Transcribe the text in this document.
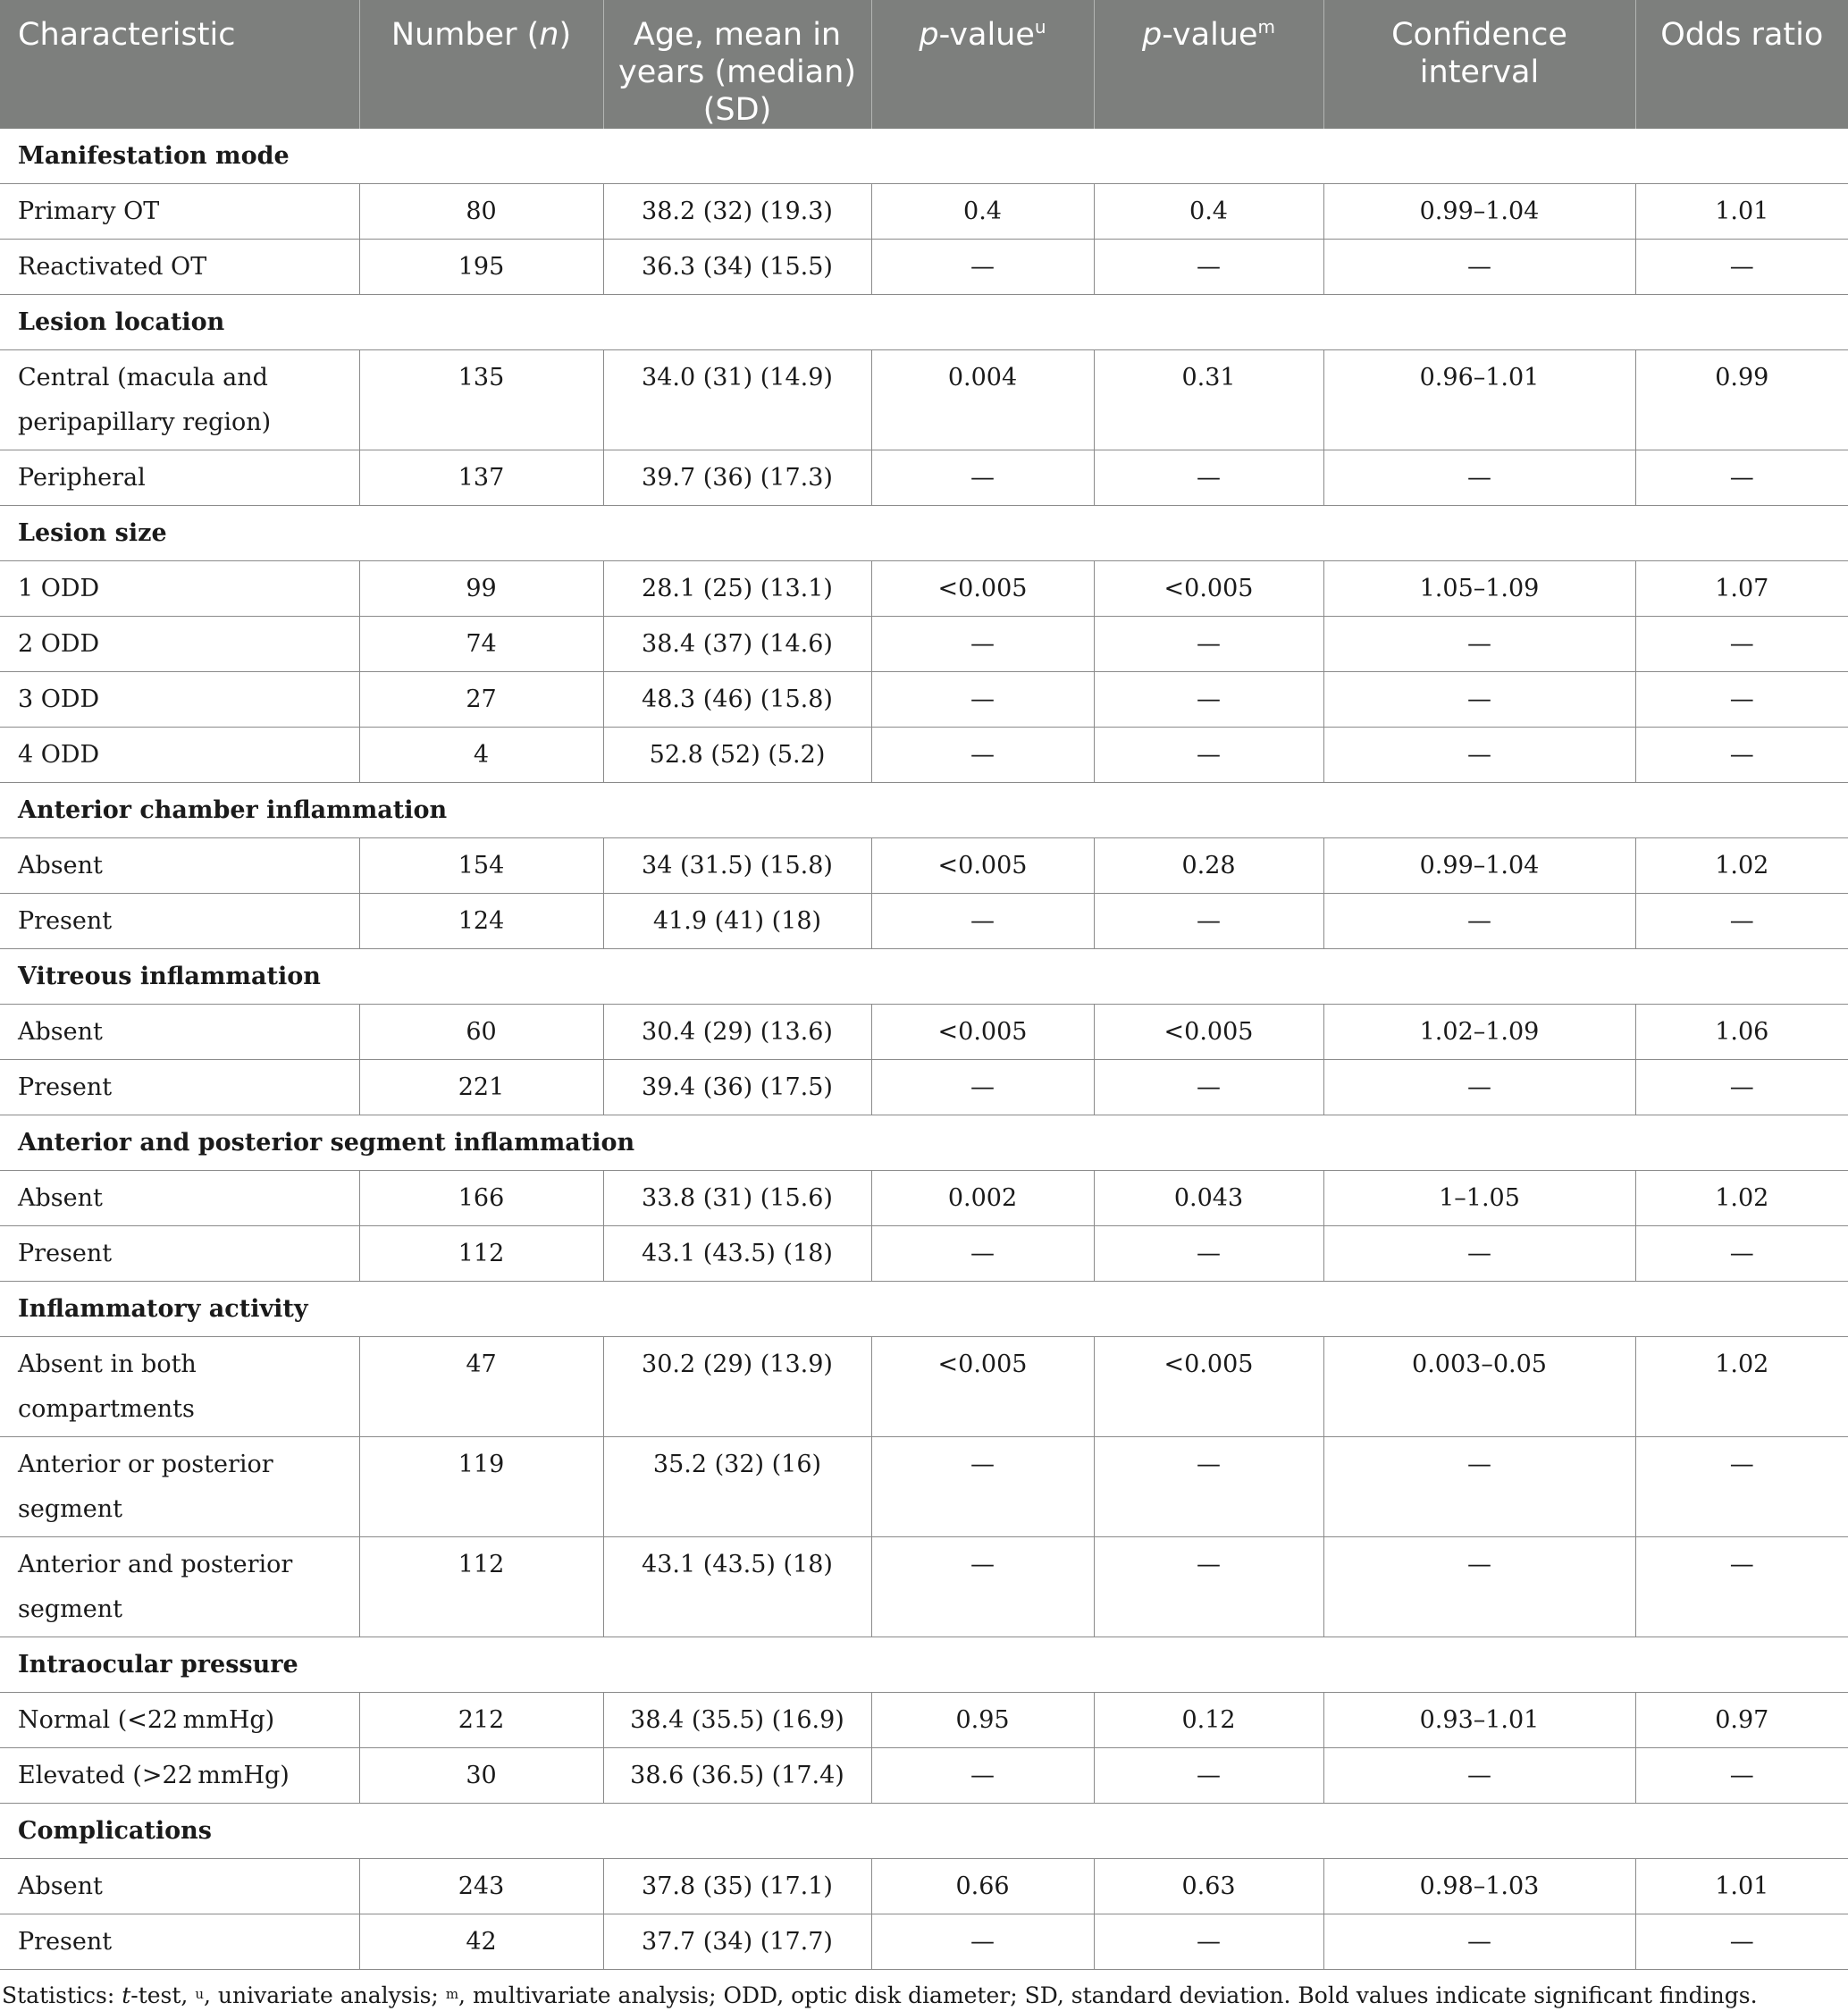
Characteristic	Number (n)	Age, mean in years (median) (SD)	p-value$^u$	p-value$^m$	Confidence interval	Odds ratio
Manifestation mode						
Primary OT	80	38.2 (32) (19.3)	0.4	0.4	0.99–1.04	1.01
Reactivated OT	195	36.3 (34) (15.5)	—	—	—	—
Lesion location						
Central (macula and peripapillary region)	135	34.0 (31) (14.9)	0.004	0.31	0.96–1.01	0.99
Peripheral	137	39.7 (36) (17.3)	—	—	—	—
Lesion size						
1 ODD	99	28.1 (25) (13.1)	<0.005	<0.005	1.05–1.09	1.07
2 ODD	74	38.4 (37) (14.6)	—	—	—	—
3 ODD	27	48.3 (46) (15.8)	—	—	—	—
4 ODD	4	52.8 (52) (5.2)	—	—	—	—
Anterior chamber inflammation						
Absent	154	34 (31.5) (15.8)	<0.005	0.28	0.99–1.04	1.02
Present	124	41.9 (41) (18)	—	—	—	—
Vitreous inflammation						
Absent	60	30.4 (29) (13.6)	<0.005	<0.005	1.02–1.09	1.06
Present	221	39.4 (36) (17.5)	—	—	—	—
Anterior and posterior segment inflammation						
Absent	166	33.8 (31) (15.6)	0.002	0.043	1–1.05	1.02
Present	112	43.1 (43.5) (18)	—	—	—	—
Inflammatory activity						
Absent in both compartments	47	30.2 (29) (13.9)	<0.005	<0.005	0.003–0.05	1.02
Anterior or posterior segment	119	35.2 (32) (16)	—	—	—	—
Anterior and posterior segment	112	43.1 (43.5) (18)	—	—	—	—
Intraocular pressure						
Normal (<22 mmHg)	212	38.4 (35.5) (16.9)	0.95	0.12	0.93–1.01	0.97
Elevated (>22 mmHg)	30	38.6 (36.5) (17.4)	—	—	—	—
Complications						
Absent	243	37.8 (35) (17.1)	0.66	0.63	0.98–1.03	1.01
Present	42	37.7 (34) (17.7)	—	—	—	—
Statistics: t-test, $^u$, univariate analysis; $^m$, multivariate analysis; ODD, optic disk diameter; SD, standard deviation. Bold values indicate significant findings.
